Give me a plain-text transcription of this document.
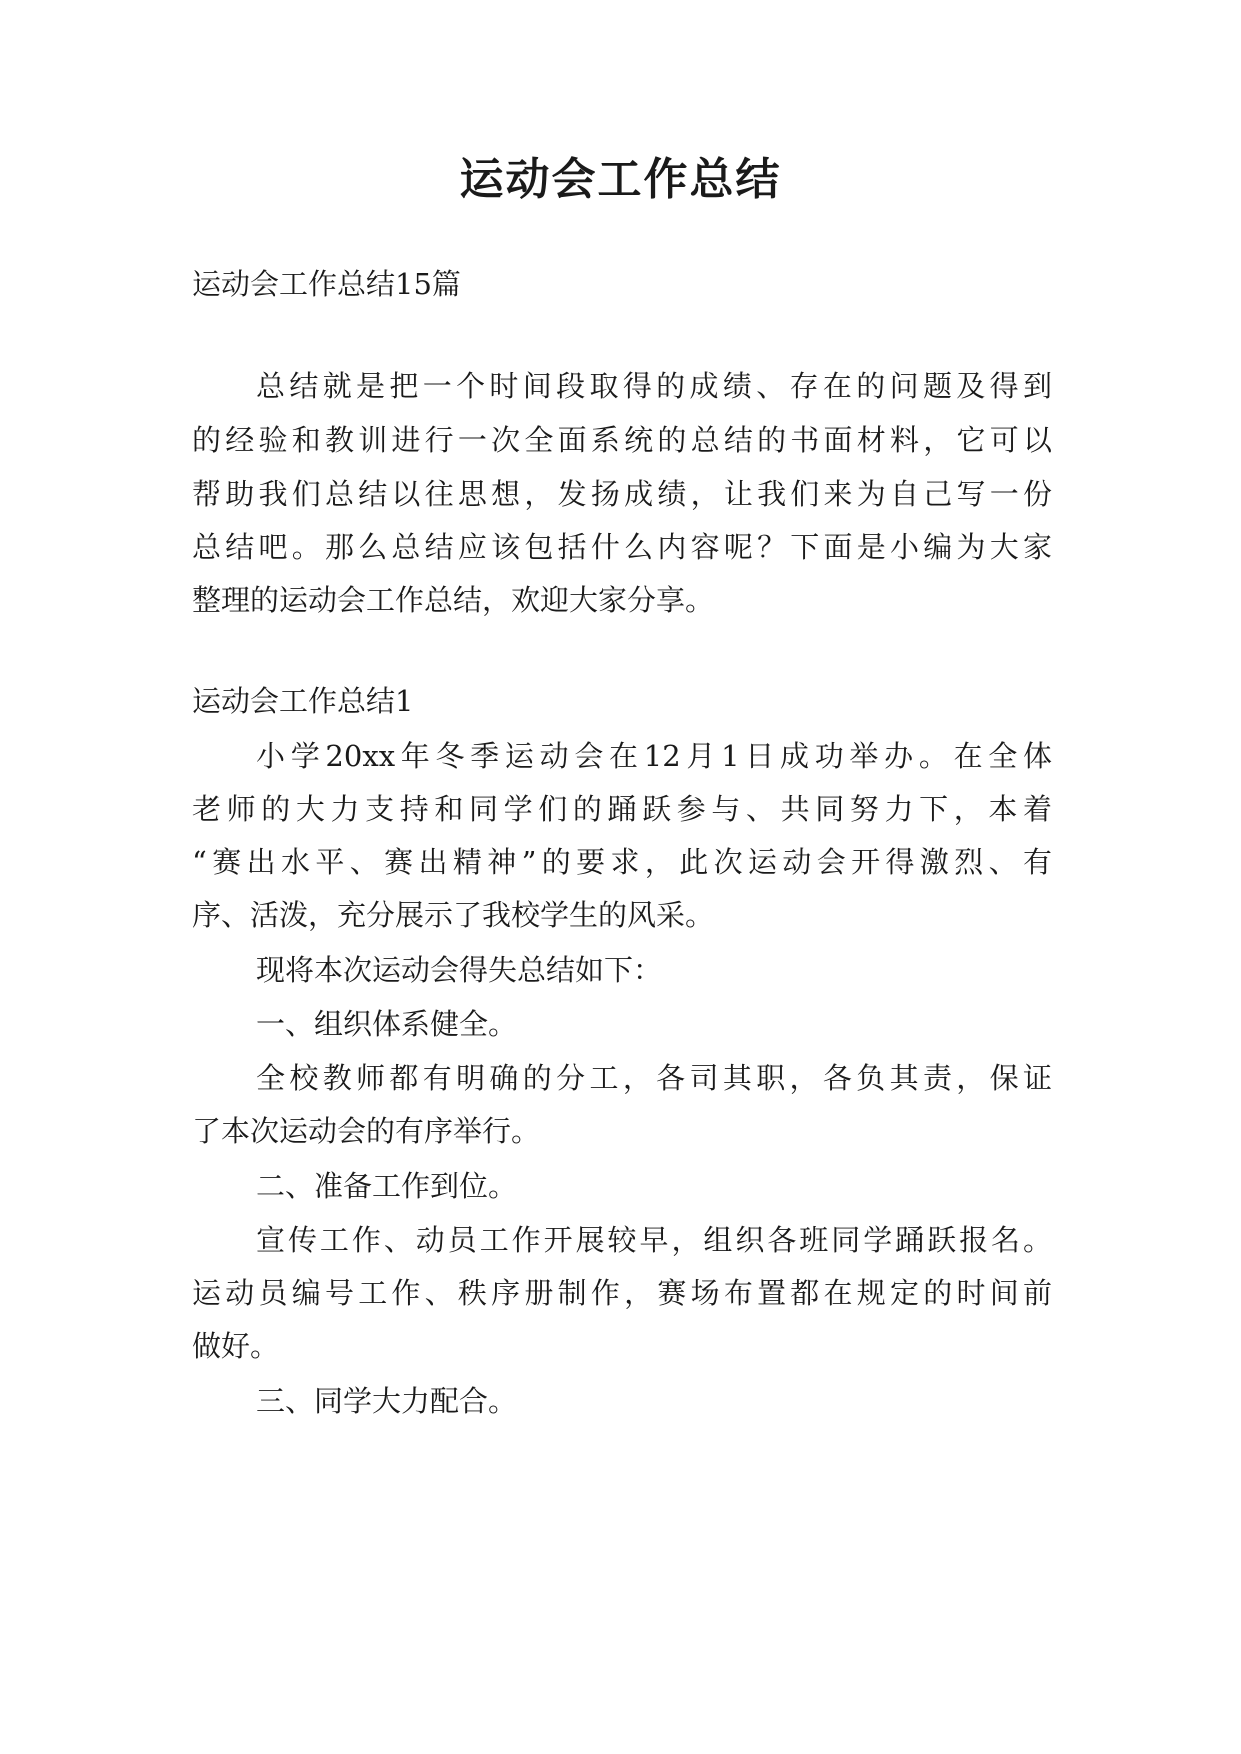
运动会工作总结
运动会工作总结15篇
总结就是把一个时间段取得的成绩、存在的问题及得到
的经验和教训进行一次全面系统的总结的书面材料，它可以
帮助我们总结以往思想，发扬成绩，让我们来为自己写一份
总结吧。那么总结应该包括什么内容呢？下面是小编为大家
整理的运动会工作总结，欢迎大家分享。
运动会工作总结1
小学20xx年冬季运动会在12月1日成功举办。在全体
老师的大力支持和同学们的踊跃参与、共同努力下，本着
“赛出水平、赛出精神”的要求，此次运动会开得激烈、有
序、活泼，充分展示了我校学生的风采。
现将本次运动会得失总结如下：
一、组织体系健全。
全校教师都有明确的分工，各司其职，各负其责，保证
了本次运动会的有序举行。
二、准备工作到位。
宣传工作、动员工作开展较早，组织各班同学踊跃报名。
运动员编号工作、秩序册制作，赛场布置都在规定的时间前
做好。
三、同学大力配合。
